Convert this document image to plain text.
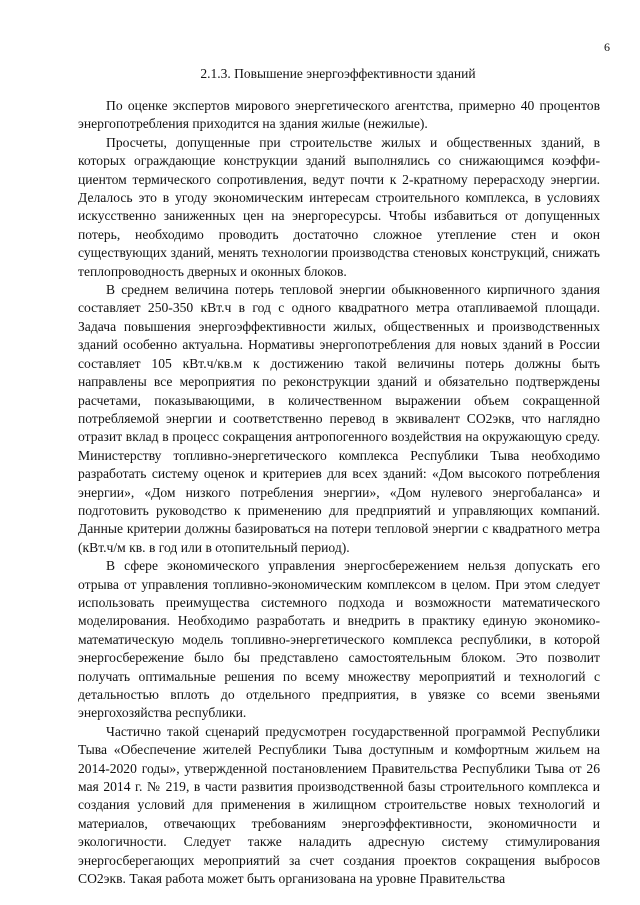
6
2.1.3. Повышение энергоэффективности зданий

По оценке экспертов мирового энергетического агентства, примерно 40 процентов энергопотребления приходится на здания жилые (нежилые).

Просчеты, допущенные при строительстве жилых и общественных зданий, в которых ограждающие конструкции зданий выполнялись со снижающимся коэффициентом термического сопротивления, ведут почти к 2-кратному перерасходу энергии. Делалось это в угоду экономическим интересам строительного комплекса, в условиях искусственно заниженных цен на энергоресурсы. Чтобы избавиться от допущенных потерь, необходимо проводить достаточно сложное утепление стен и окон существующих зданий, менять технологии производства стеновых конструкций, снижать теплопроводность дверных и оконных блоков.

В среднем величина потерь тепловой энергии обыкновенного кирпичного здания составляет 250-350 кВт.ч в год с одного квадратного метра отапливаемой площади. Задача повышения энергоэффективности жилых, общественных и производственных зданий особенно актуальна. Нормативы энергопотребления для новых зданий в России составляет 105 кВт.ч/кв.м к достижению такой величины потерь должны быть направлены все мероприятия по реконструкции зданий и обязательно подтверждены расчетами, показывающими, в количественном выражении объем сокращенной потребляемой энергии и соответственно перевод в эквивалент СО2экв, что наглядно отразит вклад в процесс сокращения антропогенного воздействия на окружающую среду. Министерству топливно-энергетического комплекса Республики Тыва необходимо разработать систему оценок и критериев для всех зданий: «Дом высокого потребления энергии», «Дом низкого потребления энергии», «Дом нулевого энергобаланса» и подготовить руководство к применению для предприятий и управляющих компаний. Данные критерии должны базироваться на потери тепловой энергии с квадратного метра (кВт.ч/м кв. в год или в отопительный период).

В сфере экономического управления энергосбережением нельзя допускать его отрыва от управления топливно-экономическим комплексом в целом. При этом следует использовать преимущества системного подхода и возможности математического моделирования. Необходимо разработать и внедрить в практику единую экономико-математическую модель топливно-энергетического комплекса республики, в которой энергосбережение было бы представлено самостоятельным блоком. Это позволит получать оптимальные решения по всему множеству мероприятий и технологий с детальностью вплоть до отдельного предприятия, в увязке со всеми звеньями энергохозяйства республики.

Частично такой сценарий предусмотрен государственной программой Республики Тыва «Обеспечение жителей Республики Тыва доступным и комфортным жильем на 2014-2020 годы», утвержденной постановлением Правительства Республики Тыва от 26 мая 2014 г. № 219, в части развития производственной базы строительного комплекса и создания условий для применения в жилищном строительстве новых технологий и материалов, отвечающих требованиям энергоэффективности, экономичности и экологичности. Следует также наладить адресную систему стимулирования энергосберегающих мероприятий за счет создания проектов сокращения выбросов СО2экв. Такая работа может быть организована на уровне Правительства
